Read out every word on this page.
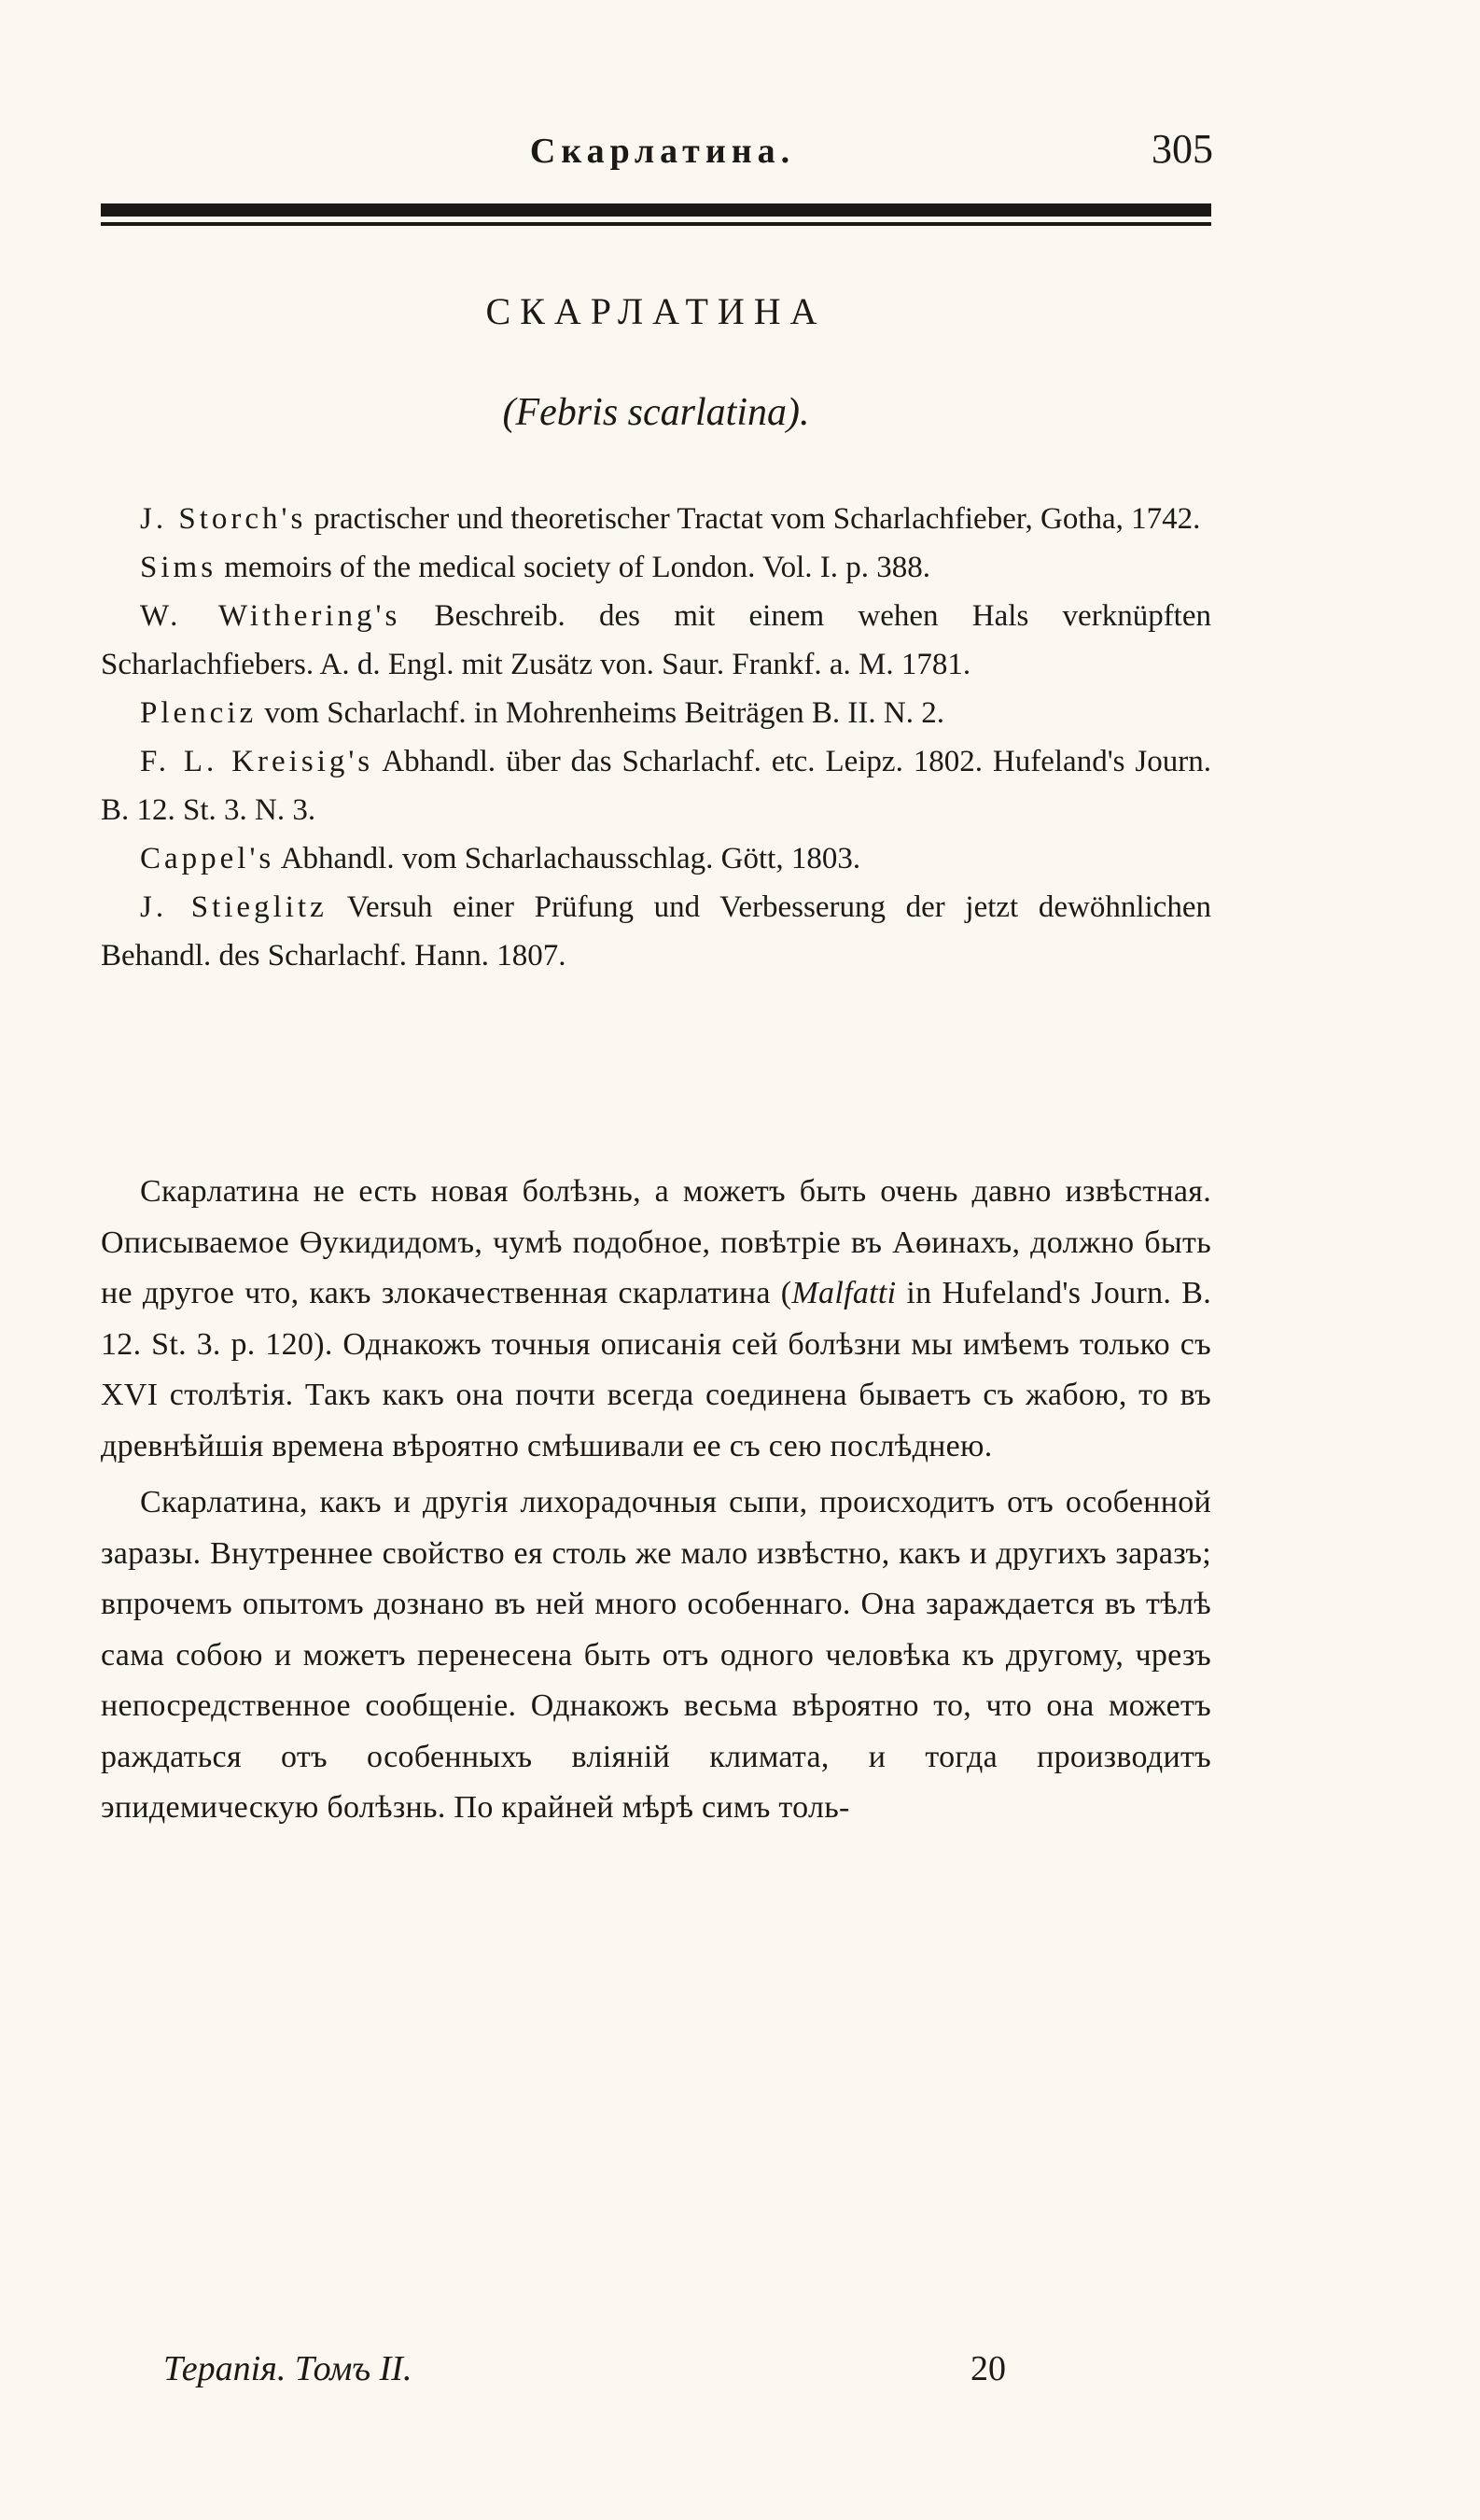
Скарлатина.	305
СКАРЛАТИНА
(Febris scarlatina).

J. Storch's practischer und theoretischer Tractat vom Scharlachfieber, Gotha, 1742.

Sims memoirs of the medical society of London. Vol. I. p. 388.

W. Withering's Beschreib. des mit einem wehen Hals verknüpften Scharlachfiebers. A. d. Engl. mit Zusätz von. Saur. Frankf. a. M. 1781.

Plenciz vom Scharlachf. in Mohrenheims Beiträgen B. II. N. 2.

F. L. Kreisig's Abhandl. über das Scharlachf. etc. Leipz. 1802. Hufeland's Journ. B. 12. St. 3. N. 3.

Cappel's Abhandl. vom Scharlachausschlag. Gött, 1803.

J. Stieglitz Versuh einer Prüfung und Verbesserung der jetzt dewöhnlichen Behandl. des Scharlachf. Hann. 1807.

Скарлатина не есть новая болѣзнь, а можетъ быть очень давно извѣстная. Описываемое Өукидидомъ, чумѣ подобное, повѣтріе въ Аөинахъ, должно быть не другое что, какъ злокачественная скарлатина (Malfatti in Hufeland's Journ. B. 12. St. 3. p. 120). Однакожъ точныя описанія сей болѣзни мы имѣемъ только съ XVI столѣтія. Такъ какъ она почти всегда соединена бываетъ съ жабою, то въ древнѣйшія времена вѣроятно смѣшивали ее съ сею послѣднею.

Скарлатина, какъ и другія лихорадочныя сыпи, происходитъ отъ особенной заразы. Внутреннее свойство ея столь же мало извѣстно, какъ и другихъ заразъ; впрочемъ опытомъ дознано въ ней много особеннаго. Она зараждается въ тѣлѣ сама собою и можетъ перенесена быть отъ одного человѣка къ другому, чрезъ непосредственное сообщеніе. Однакожъ весьма вѣроятно то, что она можетъ раждаться отъ особенныхъ вліяній климата, и тогда производитъ эпидемическую болѣзнь. По крайней мѣрѣ симъ толь-

Терапія. Томъ II.	20
